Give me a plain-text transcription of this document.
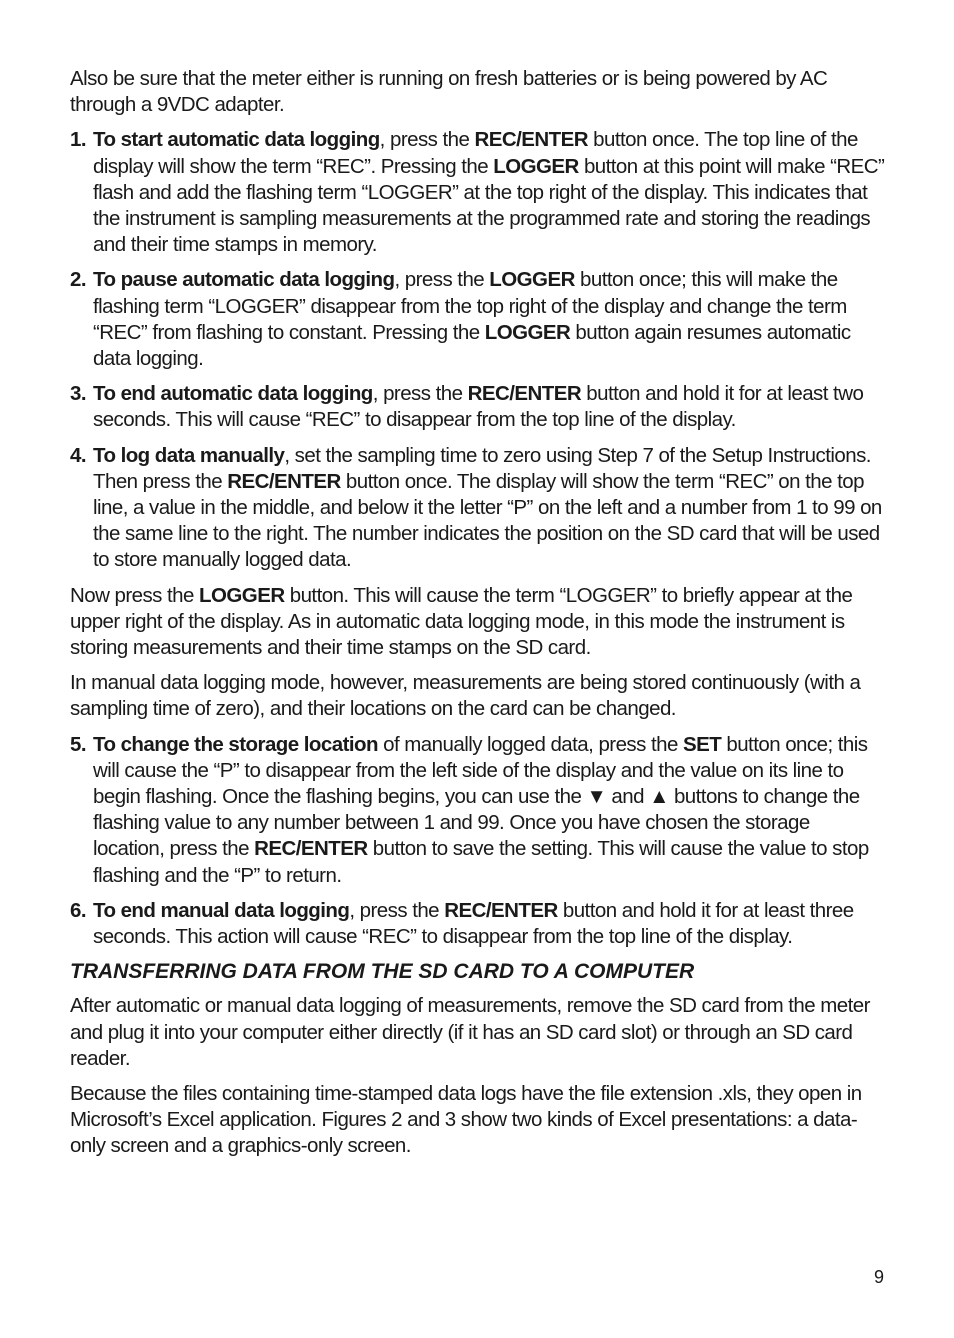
Also be sure that the meter either is running on fresh batteries or is being powered by AC through a 9VDC adapter.

1. To start automatic data logging, press the REC/ENTER button once. The top line of the display will show the term “REC”. Pressing the LOGGER button at this point will make “REC” flash and add the flashing term “LOGGER” at the top right of the display. This indicates that the instrument is sampling measurements at the programmed rate and storing the readings and their time stamps in memory.
2. To pause automatic data logging, press the LOGGER button once; this will make the flashing term “LOGGER” disappear from the top right of the display and change the term “REC” from flashing to constant. Pressing the LOGGER button again resumes automatic data logging.
3. To end automatic data logging, press the REC/ENTER button and hold it for at least two seconds. This will cause “REC” to disappear from the top line of the display.
4. To log data manually, set the sampling time to zero using Step 7 of the Setup Instructions. Then press the REC/ENTER button once. The display will show the term “REC” on the top line, a value in the middle, and below it the letter “P” on the left and a number from 1 to 99 on the same line to the right. The number indicates the position on the SD card that will be used to store manually logged data.

Now press the LOGGER button. This will cause the term “LOGGER” to briefly appear at the upper right of the display. As in automatic data logging mode, in this mode the instrument is storing measurements and their time stamps on the SD card.

In manual data logging mode, however, measurements are being stored continuously (with a sampling time of zero), and their locations on the card can be changed.

5. To change the storage location of manually logged data, press the SET button once; this will cause the “P” to disappear from the left side of the display and the value on its line to begin flashing. Once the flashing begins, you can use the ▼ and ▲ buttons to change the flashing value to any number between 1 and 99. Once you have chosen the storage location, press the REC/ENTER button to save the setting. This will cause the value to stop flashing and the “P” to return.
6. To end manual data logging, press the REC/ENTER button and hold it for at least three seconds. This action will cause “REC” to disappear from the top line of the display.
TRANSFERRING DATA FROM THE SD CARD TO A COMPUTER

After automatic or manual data logging of measurements, remove the SD card from the meter and plug it into your computer either directly (if it has an SD card slot) or through an SD card reader.

Because the files containing time-stamped data logs have the file extension .xls, they open in Microsoft’s Excel application. Figures 2 and 3 show two kinds of Excel presentations: a data-only screen and a graphics-only screen.

9
